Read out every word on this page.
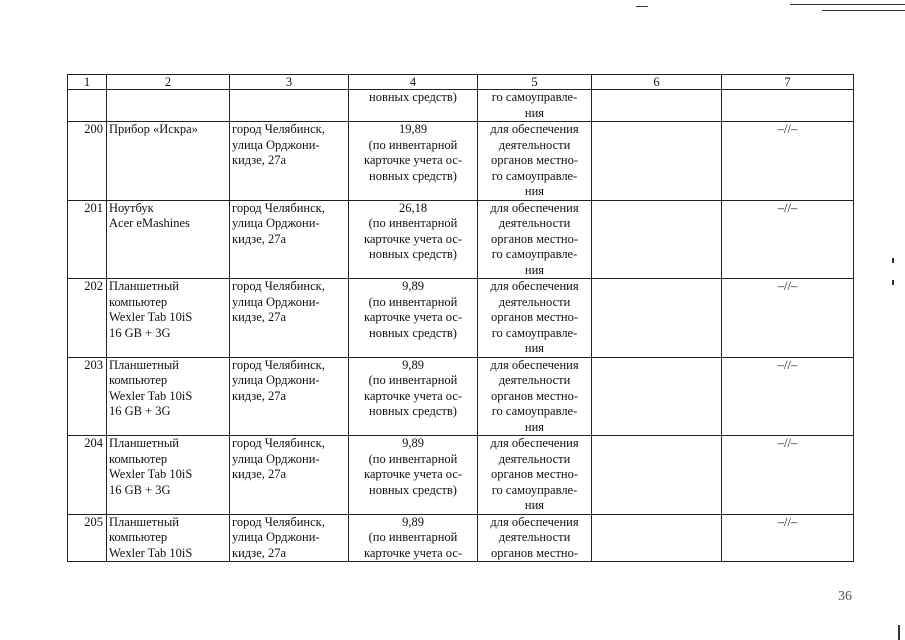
1	2	3	4	5	6	7

			новных средств)	го самоуправле-
ния		

200	Прибор «Искра»	город Челябинск,
улица Орджони-
кидзе, 27а	19,89
(по инвентарной
карточке учета ос-
новных средств)	для обеспечения
деятельности
органов местно-
го самоуправле-
ния		–//–
201	Ноутбук
Acer eMashines	город Челябинск,
улица Орджони-
кидзе, 27а	26,18
(по инвентарной
карточке учета ос-
новных средств)	для обеспечения
деятельности
органов местно-
го самоуправле-
ния		–//–
202	Планшетный
компьютер
Wexler Tab 10iS
16 GB + 3G	город Челябинск,
улица Орджони-
кидзе, 27а	9,89
(по инвентарной
карточке учета ос-
новных средств)	для обеспечения
деятельности
органов местно-
го самоуправле-
ния		–//–
203	Планшетный
компьютер
Wexler Tab 10iS
16 GB + 3G	город Челябинск,
улица Орджони-
кидзе, 27а	9,89
(по инвентарной
карточке учета ос-
новных средств)	для обеспечения
деятельности
органов местно-
го самоуправле-
ния		–//–
204	Планшетный
компьютер
Wexler Tab 10iS
16 GB + 3G	город Челябинск,
улица Орджони-
кидзе, 27а	9,89
(по инвентарной
карточке учета ос-
новных средств)	для обеспечения
деятельности
органов местно-
го самоуправле-
ния		–//–
205	Планшетный
компьютер
Wexler Tab 10iS	город Челябинск,
улица Орджони-
кидзе, 27а	9,89
(по инвентарной
карточке учета ос-	для обеспечения
деятельности
органов местно-		–//–
36
